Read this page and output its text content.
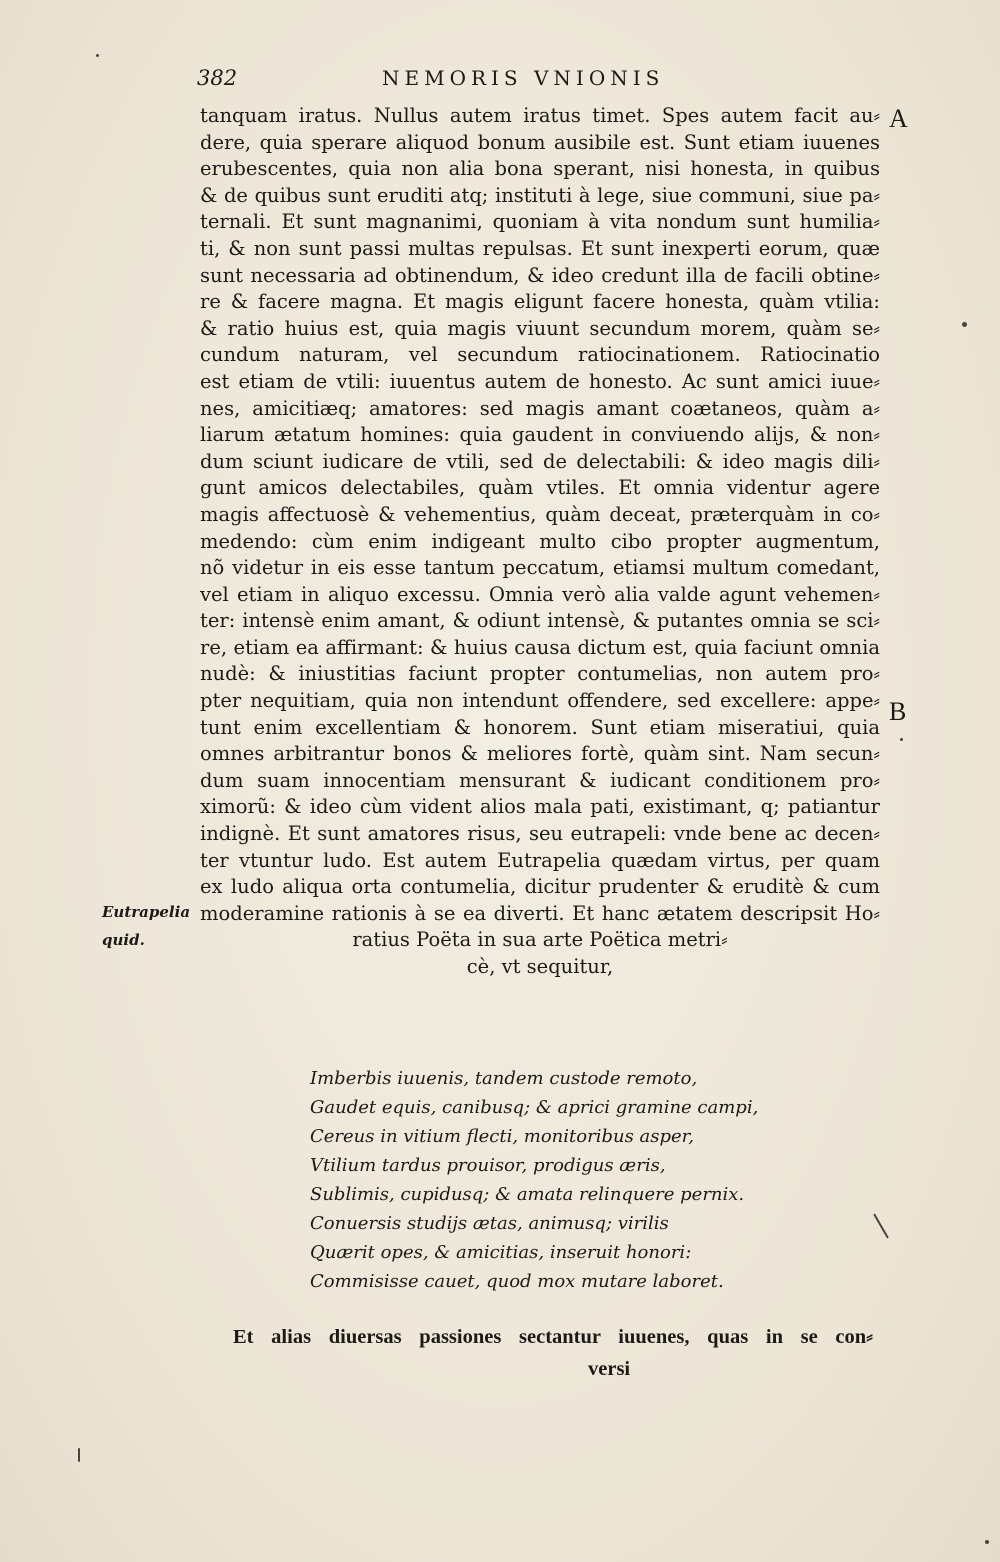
382	NEMORIS VNIONIS
A
B
Eutrapelia
quid.
tanquam iratus. Nullus autem iratus timet. Spes autem facit au⸗
dere, quia sperare aliquod bonum ausibile est. Sunt etiam iuuenes
erubescentes, quia non alia bona sperant, nisi honesta, in quibus
& de quibus sunt eruditi atq; instituti à lege, siue communi, siue pa⸗
ternali. Et sunt magnanimi, quoniam à vita nondum sunt humilia⸗
ti, & non sunt passi multas repulsas. Et sunt inexperti eorum, quæ
sunt necessaria ad obtinendum, & ideo credunt illa de facili obtine⸗
re & facere magna. Et magis eligunt facere honesta, quàm vtilia:
& ratio huius est, quia magis viuunt secundum morem, quàm se⸗
cundum naturam, vel secundum ratiocinationem. Ratiocinatio
est etiam de vtili: iuuentus autem de honesto. Ac sunt amici iuue⸗
nes, amicitiæq; amatores: sed magis amant coætaneos, quàm a⸗
liarum ætatum homines: quia gaudent in conviuendo alijs, & non⸗
dum sciunt iudicare de vtili, sed de delectabili: & ideo magis dili⸗
gunt amicos delectabiles, quàm vtiles. Et omnia videntur agere
magis affectuosè & vehementius, quàm deceat, præterquàm in co⸗
medendo: cùm enim indigeant multo cibo propter augmentum,
nõ videtur in eis esse tantum peccatum, etiamsi multum comedant,
vel etiam in aliquo excessu. Omnia verò alia valde agunt vehemen⸗
ter: intensè enim amant, & odiunt intensè, & putantes omnia se sci⸗
re, etiam ea affirmant: & huius causa dictum est, quia faciunt omnia
nudè: & iniustitias faciunt propter contumelias, non autem pro⸗
pter nequitiam, quia non intendunt offendere, sed excellere: appe⸗
tunt enim excellentiam & honorem. Sunt etiam miseratiui, quia
omnes arbitrantur bonos & meliores fortè, quàm sint. Nam secun⸗
dum suam innocentiam mensurant & iudicant conditionem pro⸗
ximorũ: & ideo cùm vident alios mala pati, existimant, q; patiantur
indignè. Et sunt amatores risus, seu eutrapeli: vnde bene ac decen⸗
ter vtuntur ludo. Est autem Eutrapelia quædam virtus, per quam
ex ludo aliqua orta contumelia, dicitur prudenter & eruditè & cum
moderamine rationis à se ea diverti. Et hanc ætatem descripsit Ho⸗
ratius Poëta in sua arte Poëtica metri⸗
cè, vt sequitur,
Imberbis iuuenis, tandem custode remoto,
Gaudet equis, canibusq; & aprici gramine campi,
Cereus in vitium flecti, monitoribus asper,
Vtilium tardus prouisor, prodigus æris,
Sublimis, cupidusq; & amata relinquere pernix.
Conuersis studijs ætas, animusq; virilis
Quærit opes, & amicitias, inseruit honori:
Commisisse cauet, quod mox mutare laboret.
Et alias diuersas passiones sectantur iuuenes, quas in se con⸗
versi
